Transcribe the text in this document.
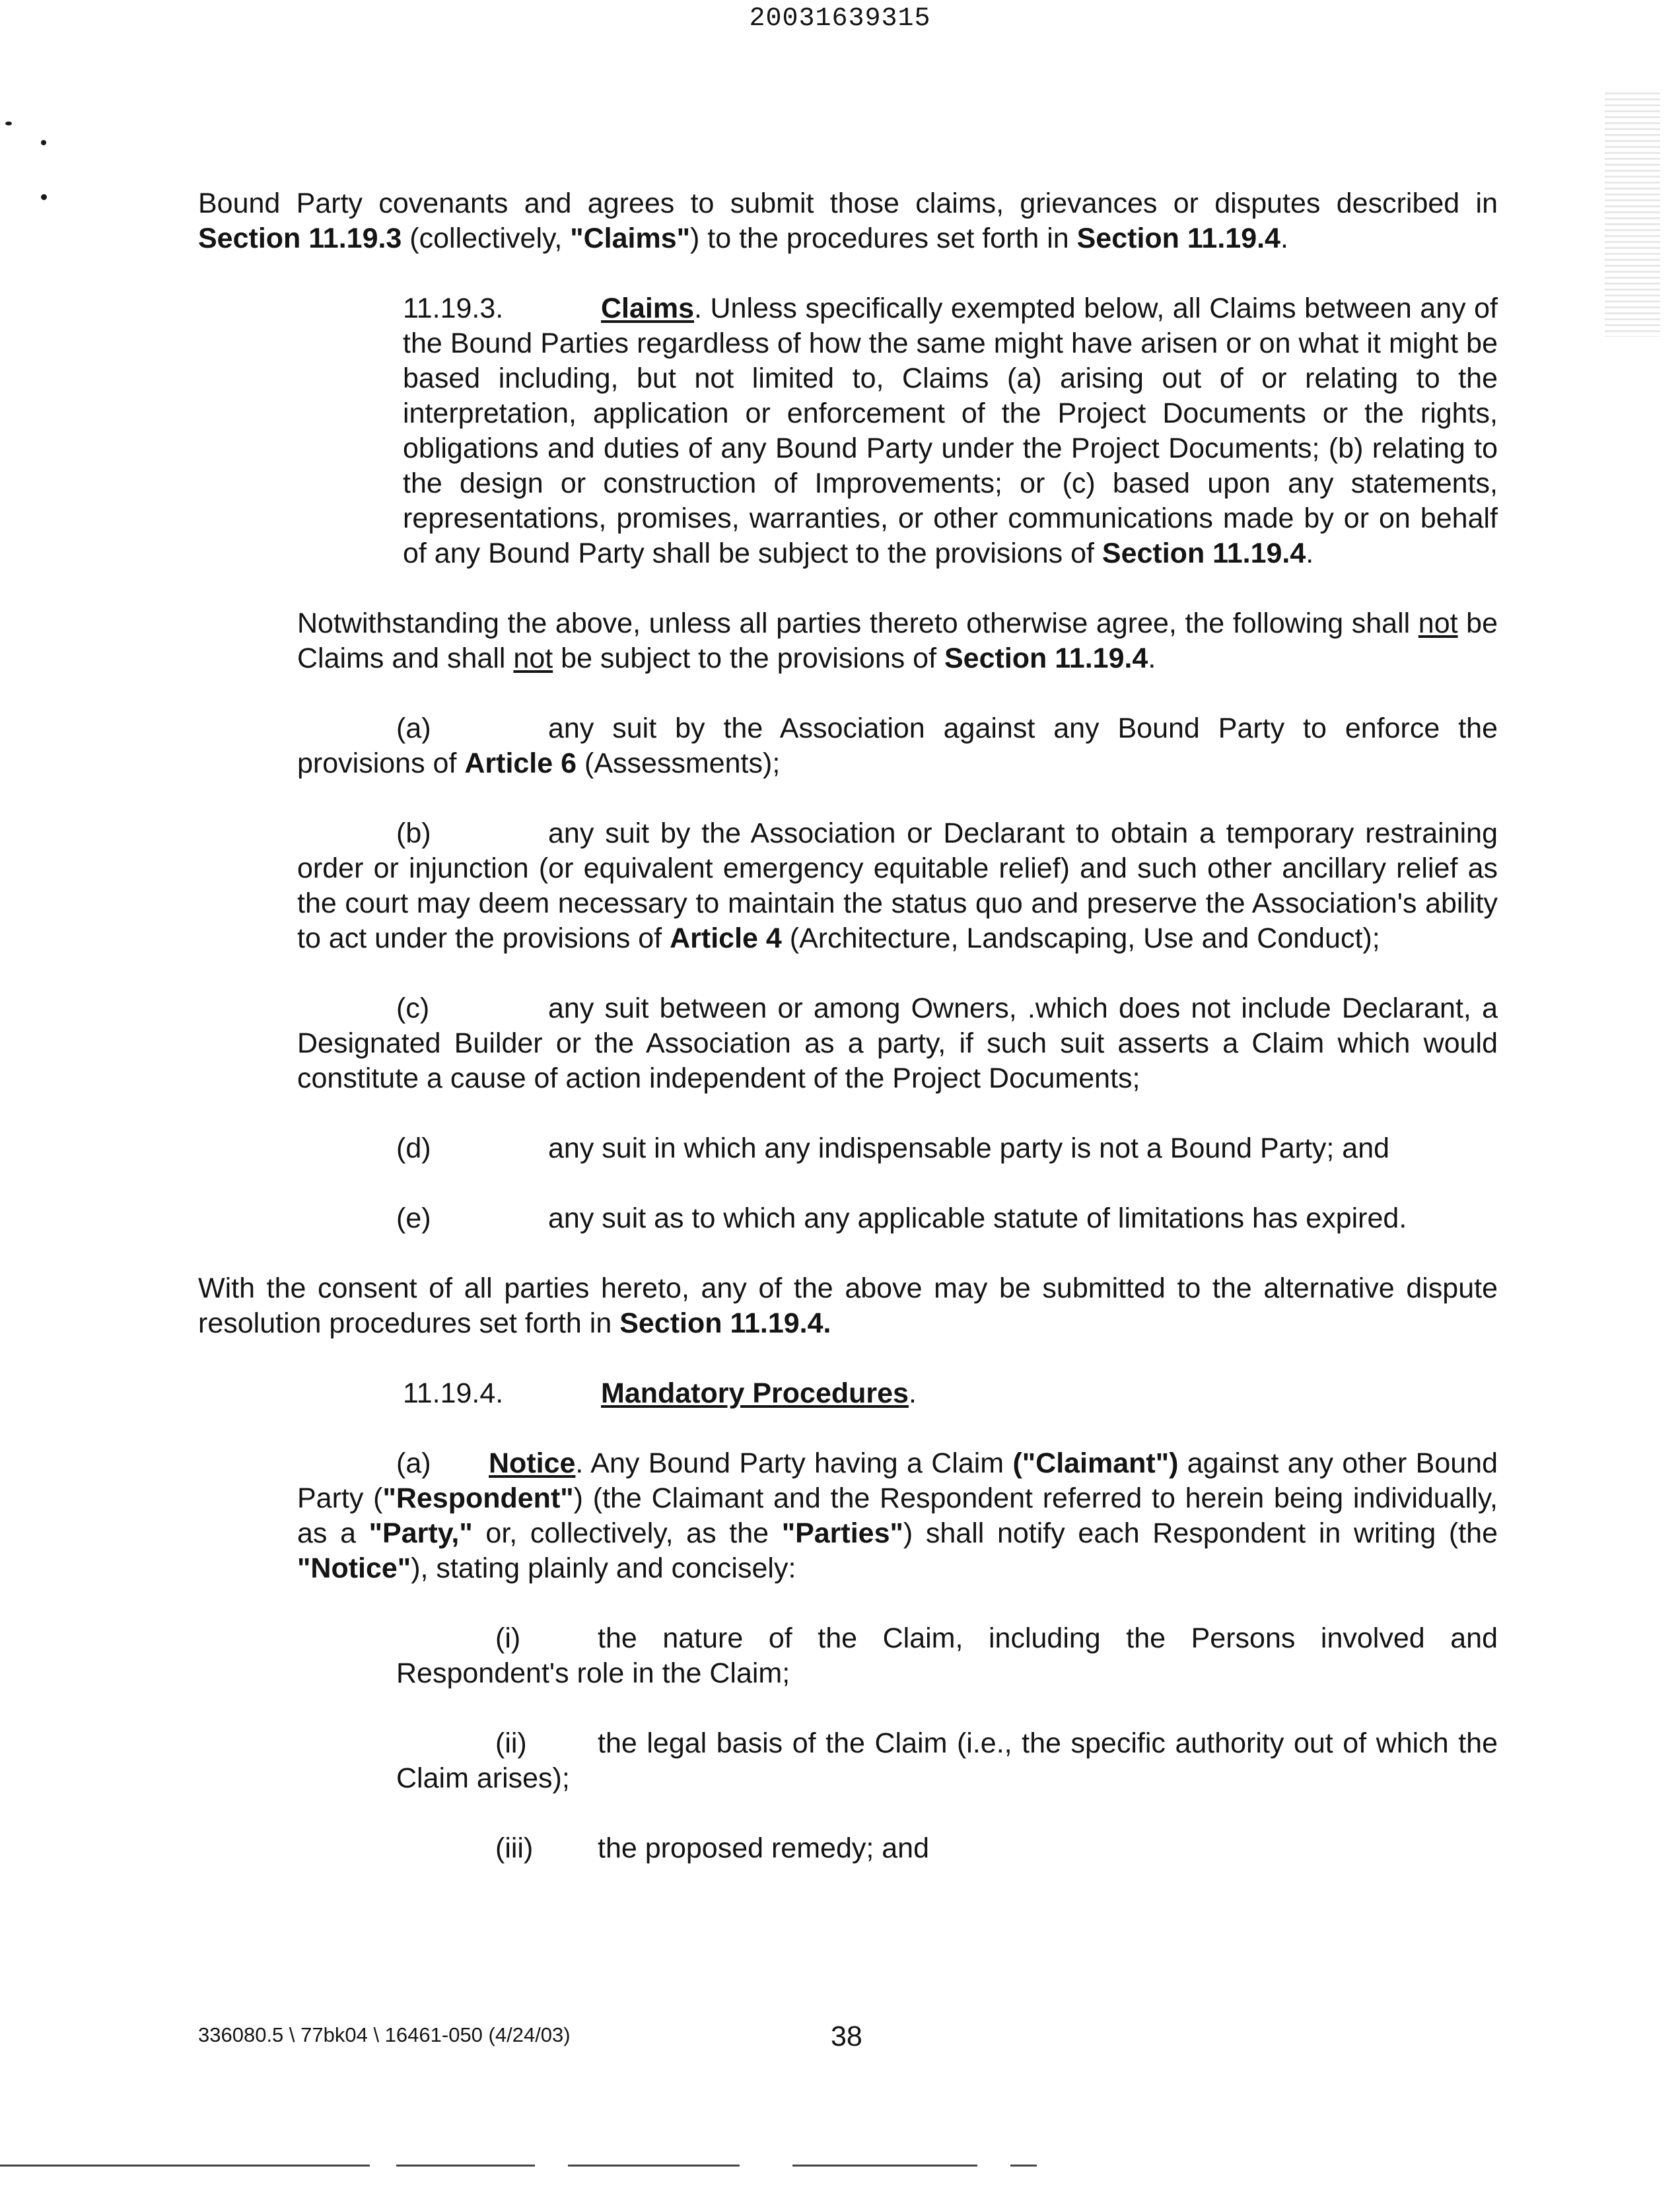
20031639315

Bound Party covenants and agrees to submit those claims, grievances or disputes described in Section 11.19.3 (collectively, "Claims") to the procedures set forth in Section 11.19.4.

11.19.3.	Claims. Unless specifically exempted below, all Claims between any of the Bound Parties regardless of how the same might have arisen or on what it might be based including, but not limited to, Claims (a) arising out of or relating to the interpretation, application or enforcement of the Project Documents or the rights, obligations and duties of any Bound Party under the Project Documents; (b) relating to the design or construction of Improvements; or (c) based upon any statements, representations, promises, warranties, or other communications made by or on behalf of any Bound Party shall be subject to the provisions of Section 11.19.4.

Notwithstanding the above, unless all parties thereto otherwise agree, the following shall not be Claims and shall not be subject to the provisions of Section 11.19.4.

(a)	any suit by the Association against any Bound Party to enforce the provisions of Article 6 (Assessments);

(b)	any suit by the Association or Declarant to obtain a temporary restraining order or injunction (or equivalent emergency equitable relief) and such other ancillary relief as the court may deem necessary to maintain the status quo and preserve the Association's ability to act under the provisions of Article 4 (Architecture, Landscaping, Use and Conduct);

(c)	any suit between or among Owners, .which does not include Declarant, a Designated Builder or the Association as a party, if such suit asserts a Claim which would constitute a cause of action independent of the Project Documents;

(d)	any suit in which any indispensable party is not a Bound Party; and

(e)	any suit as to which any applicable statute of limitations has expired.

With the consent of all parties hereto, any of the above may be submitted to the alternative dispute resolution procedures set forth in Section 11.19.4.

11.19.4.	Mandatory Procedures.

(a) Notice. Any Bound Party having a Claim ("Claimant") against any other Bound Party ("Respondent") (the Claimant and the Respondent referred to herein being individually, as a "Party," or, collectively, as the "Parties") shall notify each Respondent in writing (the "Notice"), stating plainly and concisely:

(i)	the nature of the Claim, including the Persons involved and Respondent's role in the Claim;

(ii) the legal basis of the Claim (i.e., the specific authority out of which the Claim arises);

(iii) the proposed remedy; and

336080.5 \ 77bk04 \ 16461-050 (4/24/03)	38
